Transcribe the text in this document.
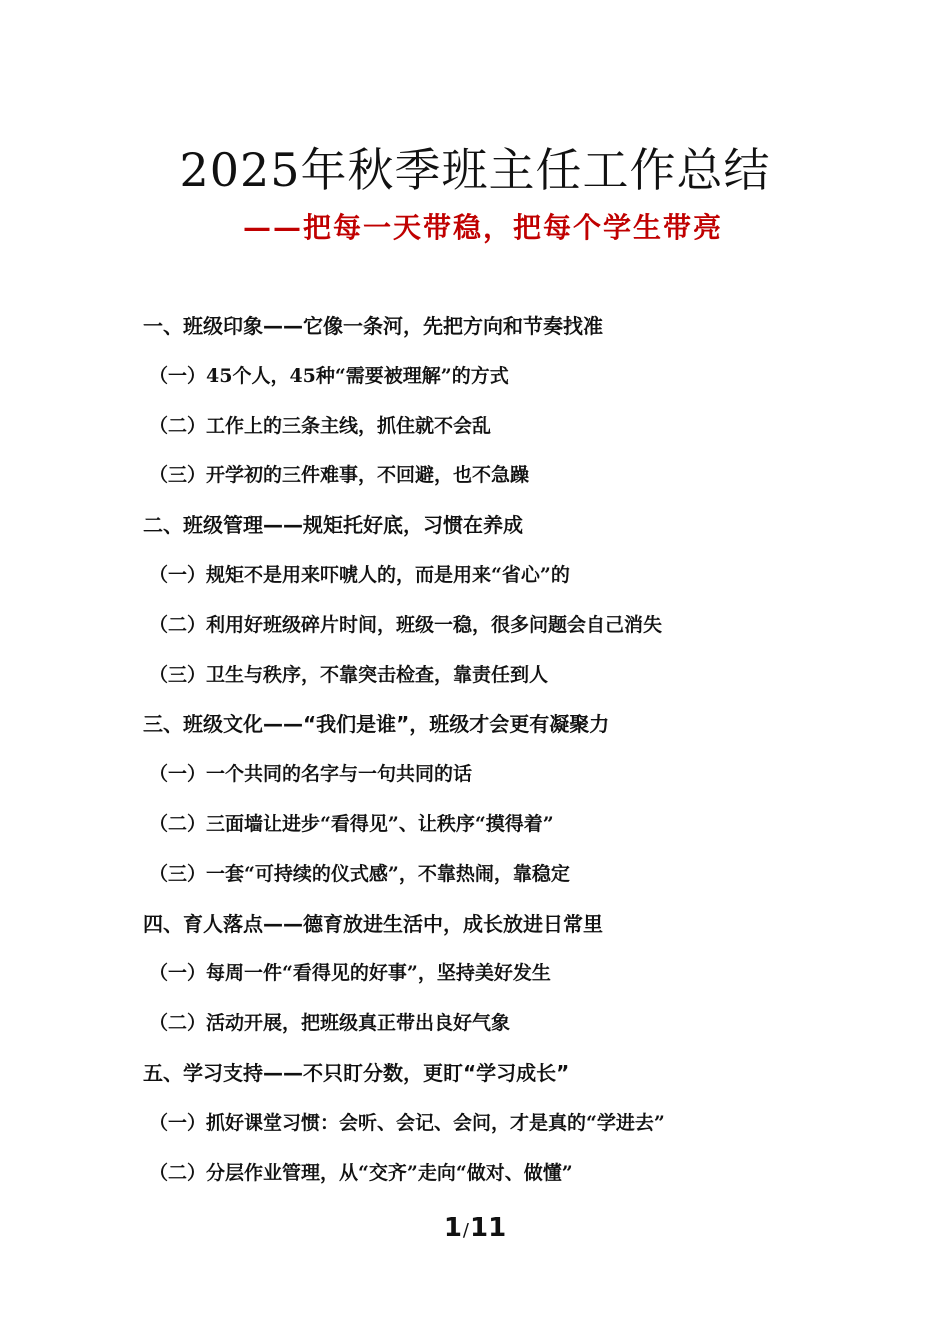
2025年秋季班主任工作总结
——把每一天带稳，把每个学生带亮
一、班级印象——它像一条河，先把方向和节奏找准
（一）45个人，45种“需要被理解”的方式
（二）工作上的三条主线，抓住就不会乱
（三）开学初的三件难事，不回避，也不急躁
二、班级管理——规矩托好底，习惯在养成
（一）规矩不是用来吓唬人的，而是用来“省心”的
（二）利用好班级碎片时间，班级一稳，很多问题会自己消失
（三）卫生与秩序，不靠突击检查，靠责任到人
三、班级文化——“我们是谁”，班级才会更有凝聚力
（一）一个共同的名字与一句共同的话
（二）三面墙让进步“看得见”、让秩序“摸得着”
（三）一套“可持续的仪式感”，不靠热闹，靠稳定
四、育人落点——德育放进生活中，成长放进日常里
（一）每周一件“看得见的好事”，坚持美好发生
（二）活动开展，把班级真正带出良好气象
五、学习支持——不只盯分数，更盯“学习成长”
（一）抓好课堂习惯：会听、会记、会问，才是真的“学进去”
（二）分层作业管理，从“交齐”走向“做对、做懂”
1/11
